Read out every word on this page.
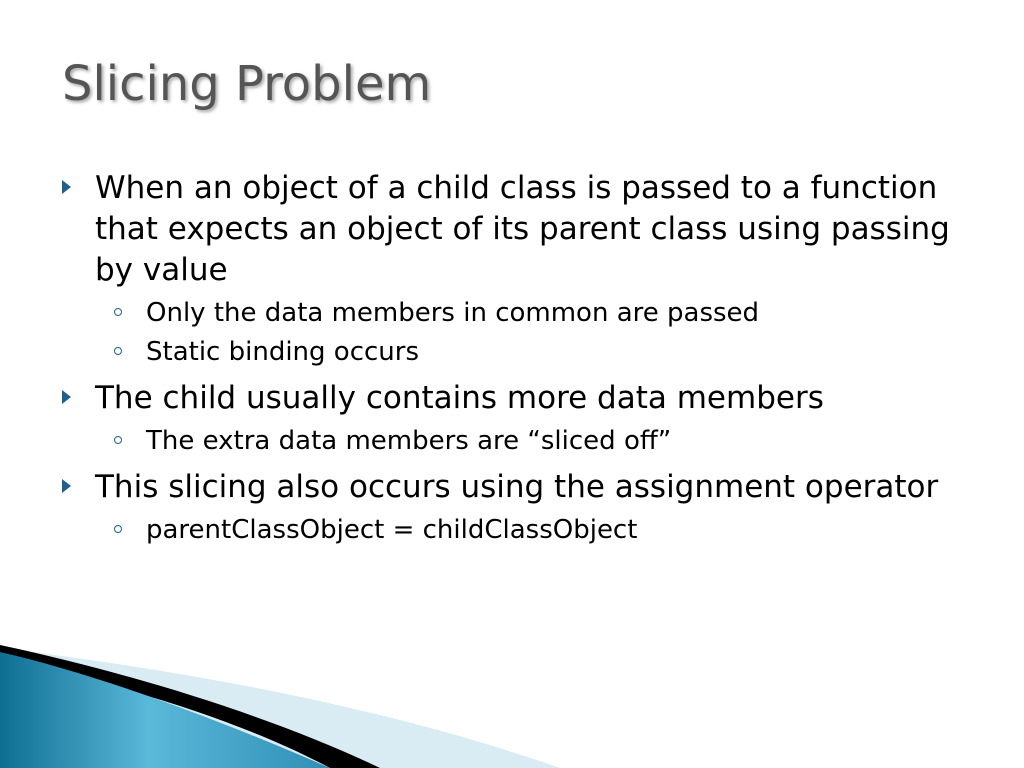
Slicing Problem
When an object of a child class is passed to a function that expects an object of its parent class using passing by value
Only the data members in common are passed
Static binding occurs
The child usually contains more data members
The extra data members are “sliced off”
This slicing also occurs using the assignment operator
parentClassObject = childClassObject
